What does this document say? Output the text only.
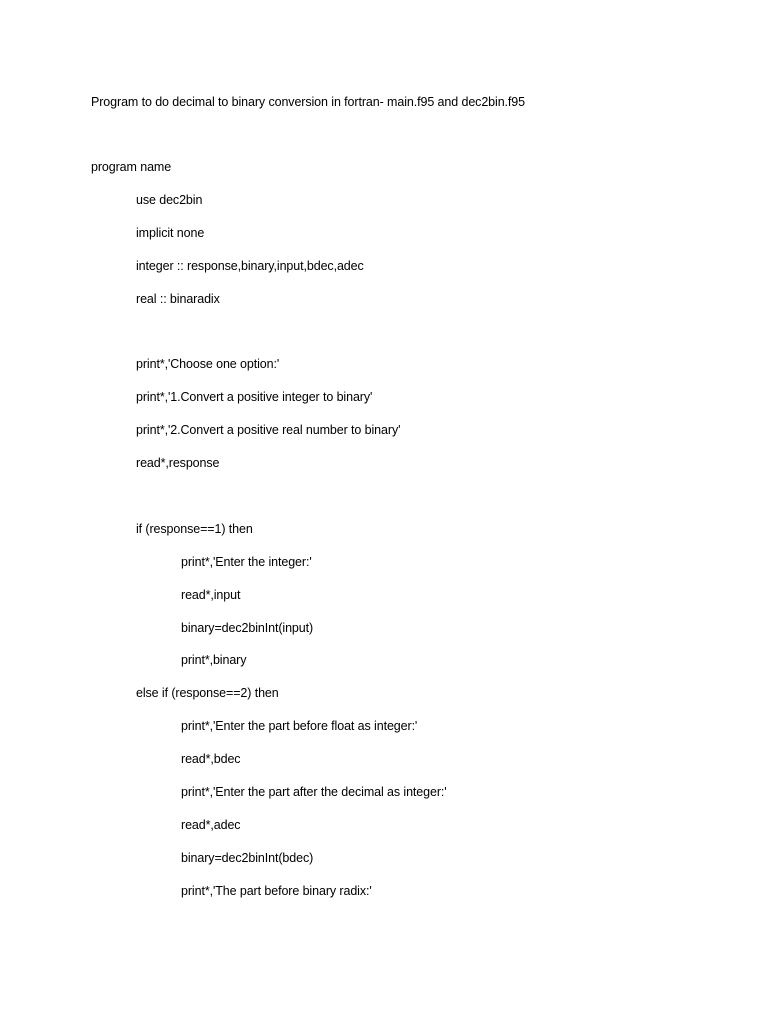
Program to do decimal to binary conversion in fortran- main.f95 and dec2bin.f95
program name
use dec2bin
implicit none
integer :: response,binary,input,bdec,adec
real :: binaradix
print*,'Choose one option:'
print*,'1.Convert a positive integer to binary'
print*,'2.Convert a positive real number to binary'
read*,response
if (response==1) then
print*,'Enter the integer:'
read*,input
binary=dec2binInt(input)
print*,binary
else if (response==2) then
print*,'Enter the part before float as integer:'
read*,bdec
print*,'Enter the part after the decimal as integer:'
read*,adec
binary=dec2binInt(bdec)
print*,'The part before binary radix:'
